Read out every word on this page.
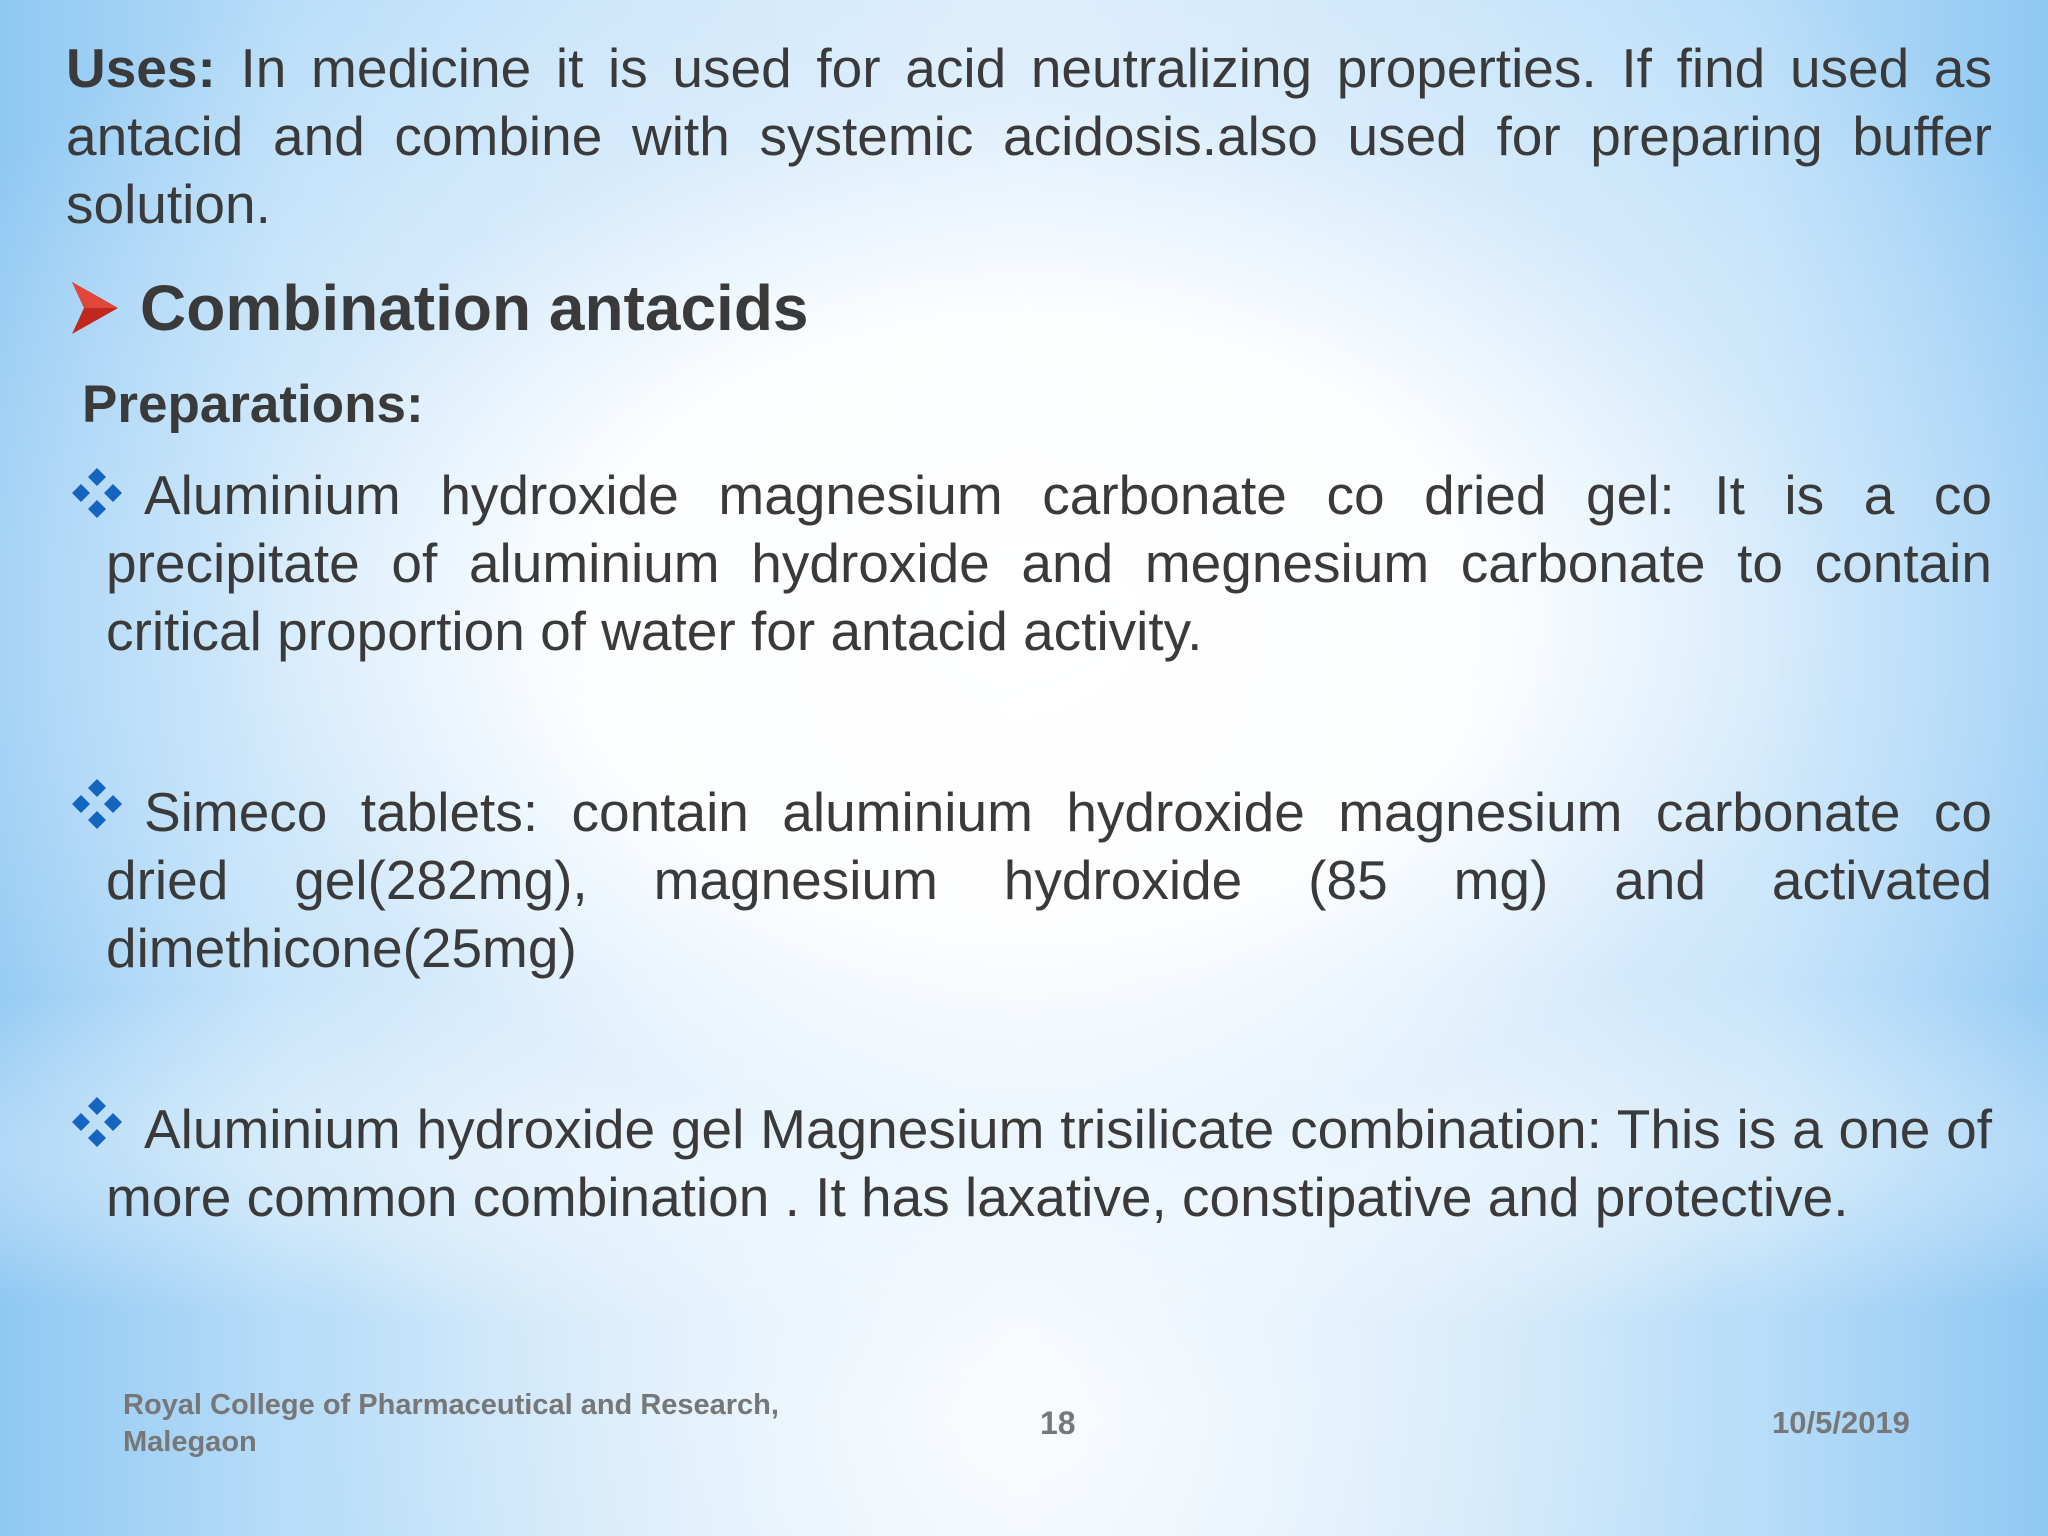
Uses: In medicine it is used for acid neutralizing properties. If find used as antacid and combine with systemic acidosis.also used for preparing buffer solution.
Combination antacids
Preparations:
Aluminium hydroxide magnesium carbonate co dried gel: It is a co precipitate of aluminium hydroxide and megnesium carbonate to contain critical proportion of water for antacid activity.
Simeco tablets: contain aluminium hydroxide magnesium carbonate co dried gel(282mg), magnesium hydroxide (85 mg) and activated dimethicone(25mg)
Aluminium hydroxide gel Magnesium trisilicate combination: This is a one of more common combination . It has laxative, constipative and protective.
Royal College of Pharmaceutical and Research,
Malegaon
18	10/5/2019
